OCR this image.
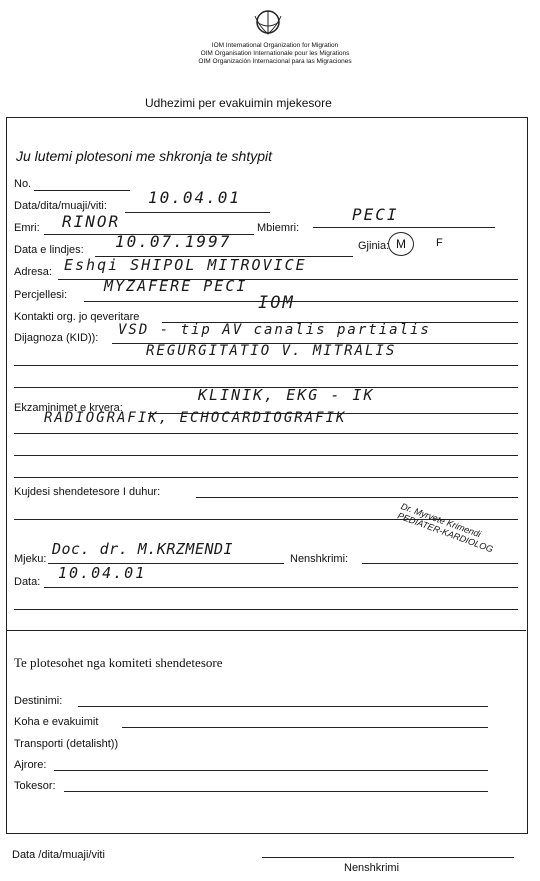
IOM International Organization for Migration
OIM Organisation Internationale pour les Migrations
OIM Organización Internacional para las Migraciones
Udhezimi per evakuimin mjekesore
Ju lutemi plotesoni me shkronja te shtypit
No.
Data/dita/muaji/viti:	10.04.01
Emri: RINOR	Mbiemri:
PECI
Data e lindjes: 10.07.1997	Gjinia: M	F
Adresa: Eshqi SHIPOL MITROVICE
Percjellesi: MYZAFERE PECI
Kontakti org. jo qeveritare
IOM
Dijagnoza (KID)): VSD - tip AV canalis partialis
REGURGITATIO V. MITRALIS
Ekzaminimet e kryera:
KLINIK, EKG - IK
RADIOGRAFIK, ECHOCARDIOGRAFIK
Kujdesi shendetesore I duhur:
Dr. Myrvete Krimendi PEDIATER-KARDIOLOG
Mjeku:
Doc. dr. M.KRZMENDI
Nenshkrimi:
Data: 10.04.01
Te plotesohet nga komiteti shendetesore
Destinimi:
Koha e evakuimit
Transporti (detalisht))
Ajrore:
Tokesor:
Data /dita/muaji/viti
Nenshkrimi
